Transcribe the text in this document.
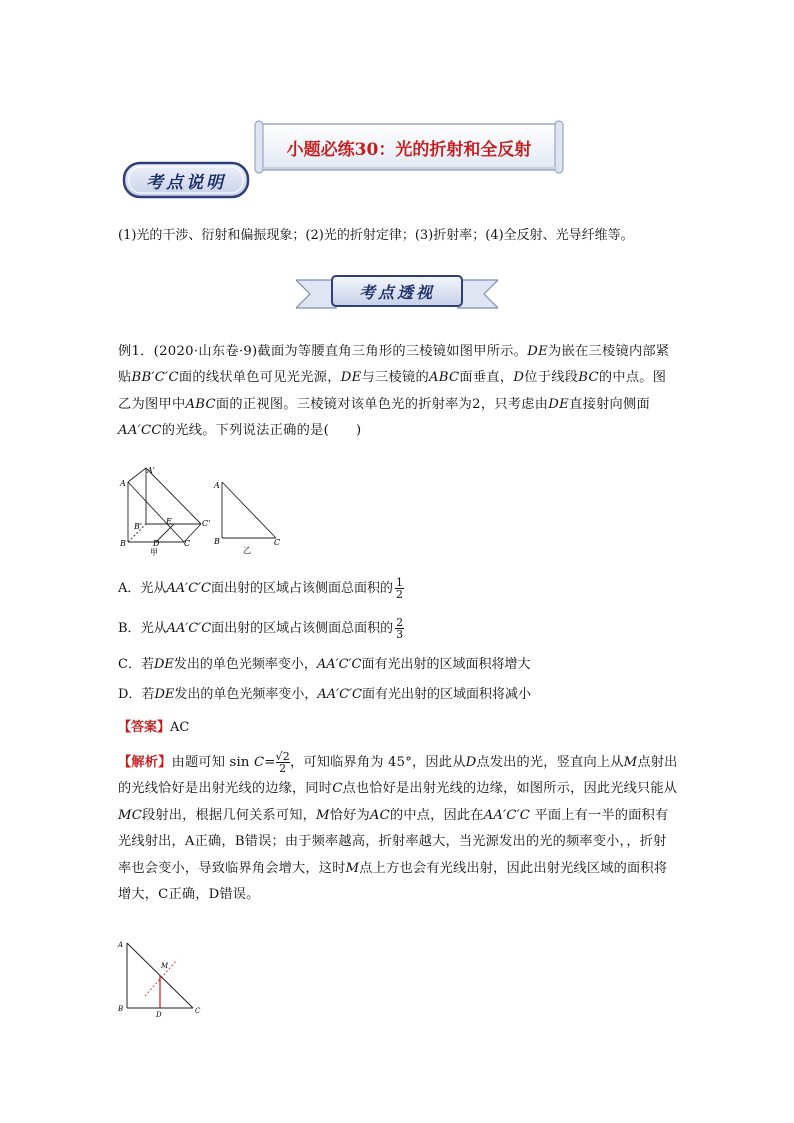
小题必练30：光的折射和全反射
考点说明
(1)光的干涉、衍射和偏振现象；(2)光的折射定律；(3)折射率；(4)全反射、光导纤维等。
考点透视
例1．(2020·山东卷·9)截面为等腰直角三角形的三棱镜如图甲所示。DE为嵌在三棱镜内部紧贴BB′C′C面的线状单色可见光光源，DE与三棱镜的ABC面垂直，D位于线段BC的中点。图乙为图甲中ABC面的正视图。三棱镜对该单色光的折射率为2，只考虑由DE直接射向侧面AA′CC的光线。下列说法正确的是(　　)
A
A'
B'
E	C'
B	D	C
甲
A
B	C
乙
A．光从AA′C′C面出射的区域占该侧面总面积的 $\frac{1}{2}$
B．光从AA′C′C面出射的区域占该侧面总面积的 $\frac{2}{3}$
C．若DE发出的单色光频率变小，AA′C′C面有光出射的区域面积将增大
D．若DE发出的单色光频率变小，AA′C′C面有光出射的区域面积将减小
【答案】AC
【解析】由题可知 $\sin C= \frac{√2}{2}$ ，可知临界角为 45°，因此从D点发出的光，竖直向上从M点射出的光线恰好是出射光线的边缘，同时C点也恰好是出射光线的边缘，如图所示，因此光线只能从MC段射出，根据几何关系可知，M恰好为AC的中点，因此在AA′C′C 平面上有一半的面积有光线射出，A正确，B错误；由于频率越高，折射率越大，当光源发出的光的频率变小，，折射率也会变小，导致临界角会增大，这时M点上方也会有光线出射，因此出射光线区域的面积将增大，C正确，D错误。
A
M
B
D	C
